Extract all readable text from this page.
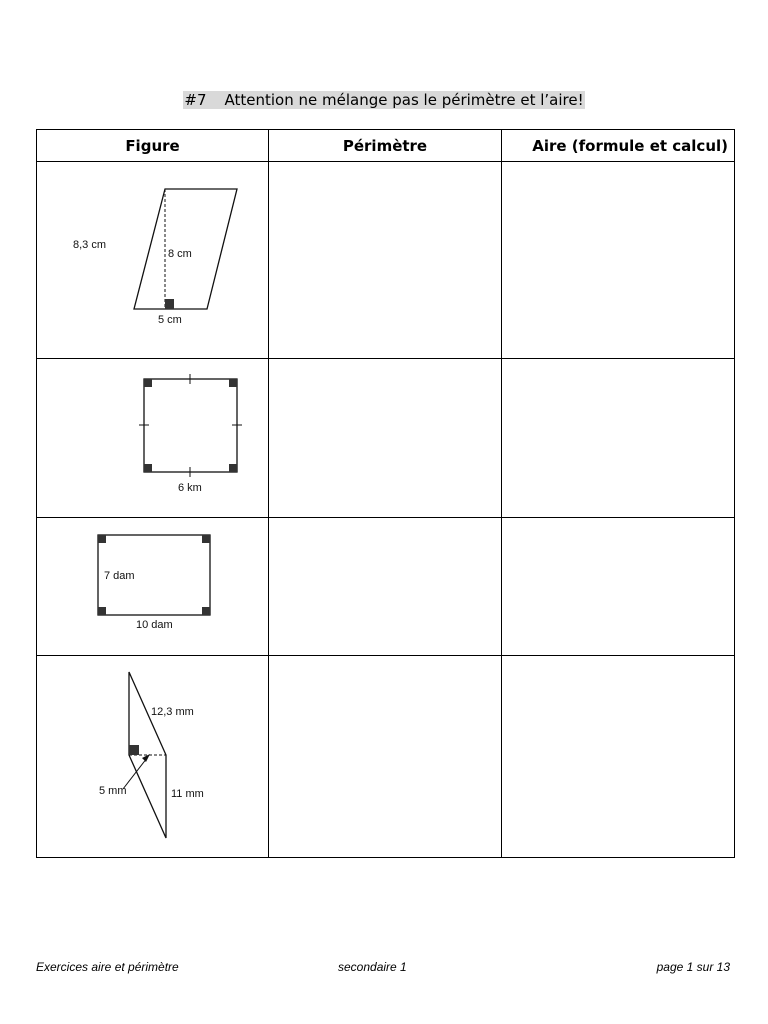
#7 Attention ne mélange pas le périmètre et l’aire!
Figure	Périmètre	Aire (formule et calcul)

8,3 cm
8 cm
5 cm		

6 km		

7 dam
10 dam		

12,3 mm
5 mm 11 mm		

Exercices aire et périmètre	secondaire 1	page 1 sur 13
